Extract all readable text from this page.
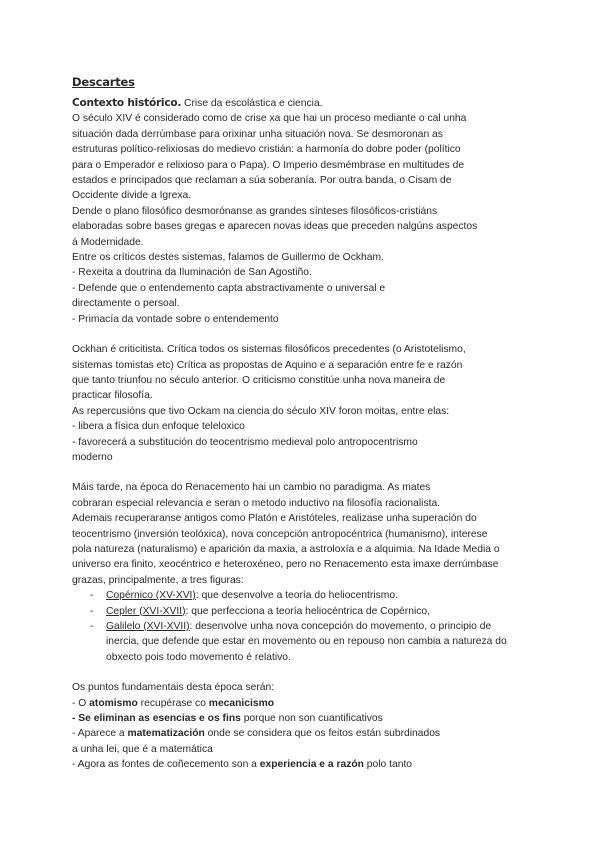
Descartes

Contexto histórico. Crise da escolástica e ciencia.

O século XIV é considerado como de crise xa que hai un proceso mediante o cal unha
situación dada derrúmbase para orixinar unha situación nova. Se desmoronan as
estruturas político-relixiosas do medievo cristián: a harmonía do dobre poder (político
para o Emperador e relixioso para o Papa). O Imperio desmémbrase en multitudes de
estados e principados que reclaman a súa soberanía. Por outra banda, o Cisam de
Occidente divide a Igrexa.
Dende o plano filosófico desmorónanse as grandes sínteses filosóficos-cristiáns
elaboradas sobre bases gregas e aparecen novas ideas que preceden nalgúns aspectos
á Modernidade.
Entre os críticos destes sistemas, falamos de Guillermo de Ockham.
- Rexeita a doutrina da Iluminación de San Agostiño.
- Defende que o entendemento capta abstractivamente o universal e
directamente o persoal.
- Primacía da vontade sobre o entendemento
Ockhan é criticitista. Crítica todos os sistemas filosóficos precedentes (o Aristotelismo,
sistemas tomistas etc) Crítica as propostas de Aquino e a separación entre fe e razón
que tanto triunfou no século anterior. O criticismo constitúe unha nova maneira de
practicar filosofía.
As repercusións que tivo Ockam na ciencia do século XIV foron moitas, entre elas:
- libera a física dun enfoque teleloxico
- favorecerá a substitución do teocentrismo medieval polo antropocentrismo
moderno
Máis tarde, na época do Renacemento hai un cambio no paradigma. As mates
cobraran especial relevancia e seran o metodo inductivo na filosofía racionalista.
Ademais recuperaranse antigos como Platón e Aristóteles, realizase unha superación do
teocentrismo (inversión teolóxica), nova concepción antropocéntrica (humanismo), interese
pola natureza (naturalismo) e aparición da maxia, a astroloxía e a alquimia. Na Idade Media o
universo era finito, xeocéntrico e heteroxéneo, pero no Renacemento esta imaxe derrúmbase
grazas, principalmente, a tres figuras:
- Copérnico (XV-XVI): que desenvolve a teoría do heliocentrismo.
- Cepler (XVI-XVII): que perfecciona a teoría heliocéntrica de Copérnico,
- Galilelo (XVI-XVII): desenvolve unha nova concepción do movemento, o principio de
inercia, que defende que estar en movemento ou en repouso non cambia a natureza do
obxecto pois todo movemento é relativo.
Os puntos fundamentais desta época serán:
- O atomismo recupérase co mecanicismo
- Se eliminan as esencias e os fins porque non son cuantificativos
- Aparece a matematización onde se considera que os feitos están subrdinados
a unha lei, que é a matemática
- Agora as fontes de coñecemento son a experiencia e a razón polo tanto
